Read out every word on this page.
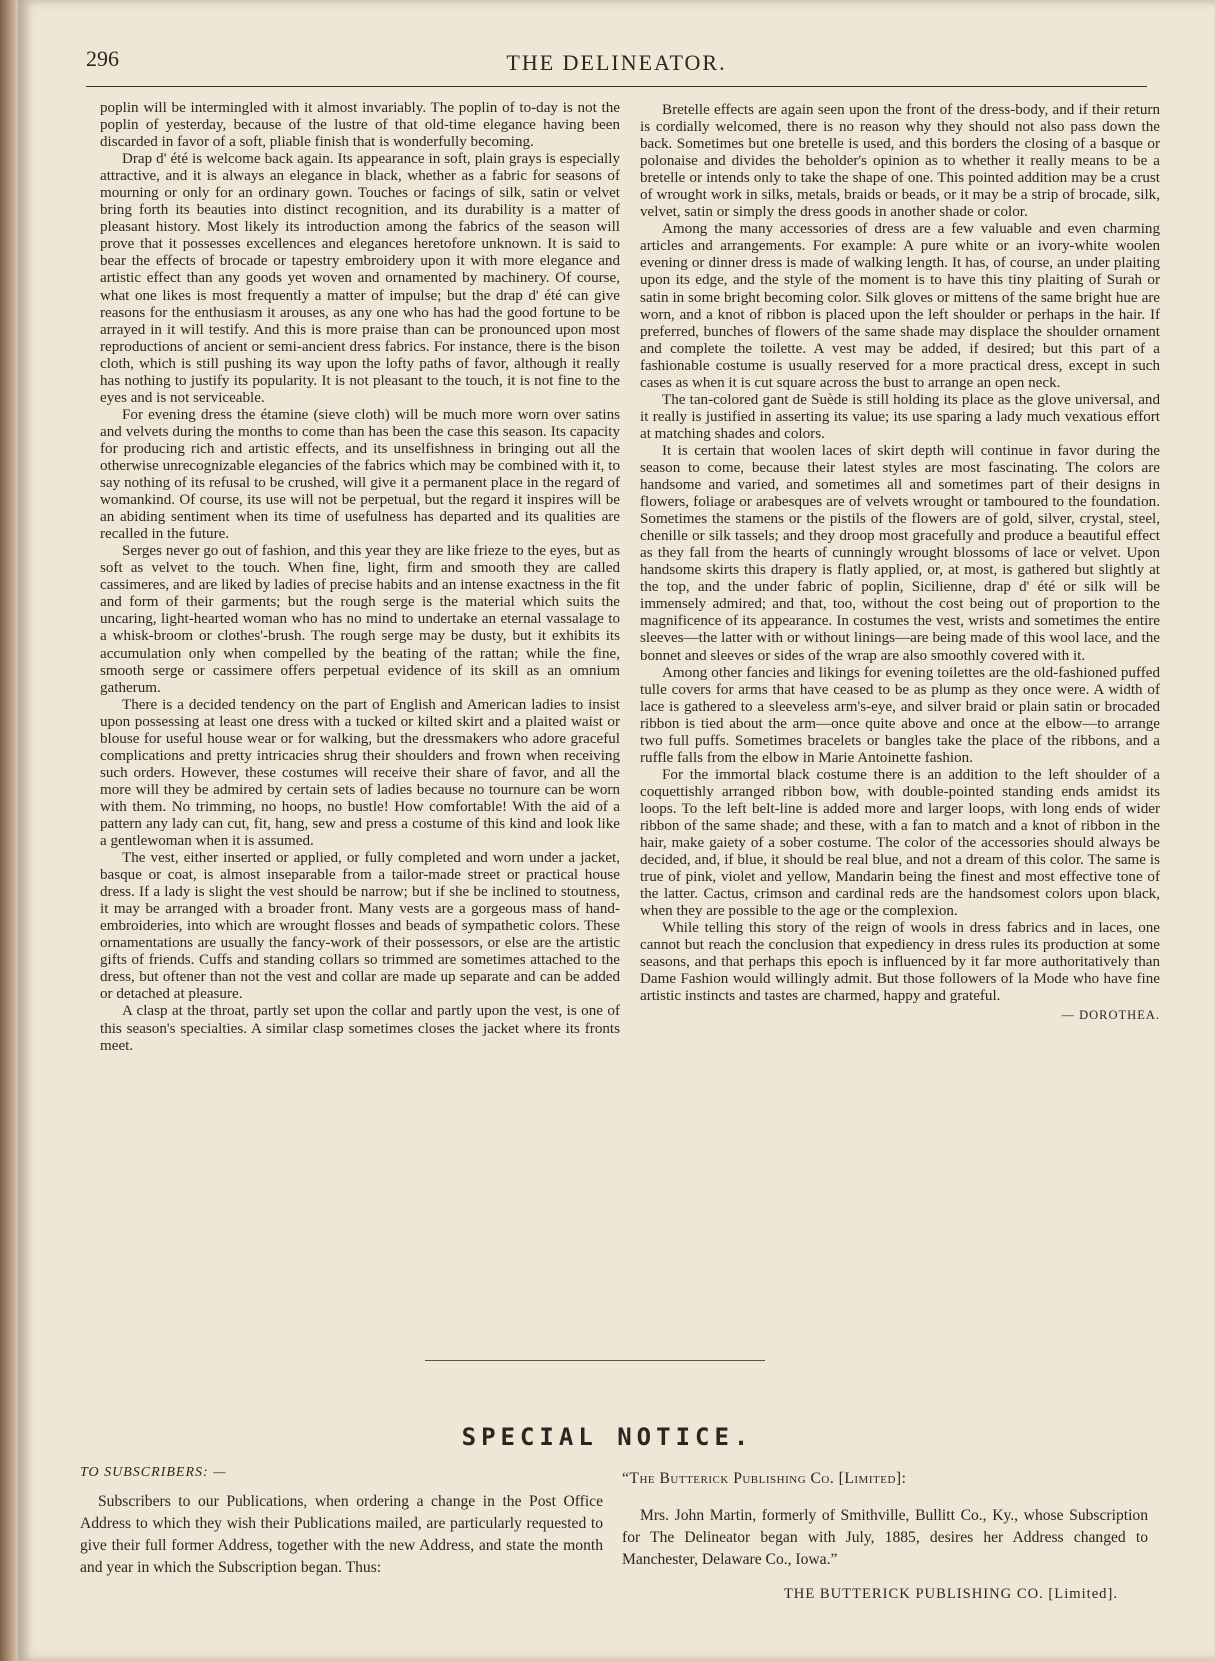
296	THE DELINEATOR.

poplin will be intermingled with it almost invariably. The poplin of to-day is not the poplin of yesterday, because of the lustre of that old-time elegance having been discarded in favor of a soft, pliable finish that is wonderfully becoming.

Drap d' été is welcome back again. Its appearance in soft, plain grays is especially attractive, and it is always an elegance in black, whether as a fabric for seasons of mourning or only for an ordinary gown. Touches or facings of silk, satin or velvet bring forth its beauties into distinct recognition, and its durability is a matter of pleasant history. Most likely its introduction among the fabrics of the season will prove that it possesses excellences and elegances heretofore unknown. It is said to bear the effects of brocade or tapestry embroidery upon it with more elegance and artistic effect than any goods yet woven and ornamented by machinery. Of course, what one likes is most frequently a matter of impulse; but the drap d' été can give reasons for the enthusiasm it arouses, as any one who has had the good fortune to be arrayed in it will testify. And this is more praise than can be pronounced upon most reproductions of ancient or semi-ancient dress fabrics. For instance, there is the bison cloth, which is still pushing its way upon the lofty paths of favor, although it really has nothing to justify its popularity. It is not pleasant to the touch, it is not fine to the eyes and is not serviceable.

For evening dress the étamine (sieve cloth) will be much more worn over satins and velvets during the months to come than has been the case this season. Its capacity for producing rich and artistic effects, and its unselfishness in bringing out all the otherwise unrecognizable elegancies of the fabrics which may be combined with it, to say nothing of its refusal to be crushed, will give it a permanent place in the regard of womankind. Of course, its use will not be perpetual, but the regard it inspires will be an abiding sentiment when its time of usefulness has departed and its qualities are recalled in the future.

Serges never go out of fashion, and this year they are like frieze to the eyes, but as soft as velvet to the touch. When fine, light, firm and smooth they are called cassimeres, and are liked by ladies of precise habits and an intense exactness in the fit and form of their garments; but the rough serge is the material which suits the uncaring, light-hearted woman who has no mind to undertake an eternal vassalage to a whisk-broom or clothes'-brush. The rough serge may be dusty, but it exhibits its accumulation only when compelled by the beating of the rattan; while the fine, smooth serge or cassimere offers perpetual evidence of its skill as an omnium gatherum.

There is a decided tendency on the part of English and American ladies to insist upon possessing at least one dress with a tucked or kilted skirt and a plaited waist or blouse for useful house wear or for walking, but the dressmakers who adore graceful complications and pretty intricacies shrug their shoulders and frown when receiving such orders. However, these costumes will receive their share of favor, and all the more will they be admired by certain sets of ladies because no tournure can be worn with them. No trimming, no hoops, no bustle! How comfortable! With the aid of a pattern any lady can cut, fit, hang, sew and press a costume of this kind and look like a gentlewoman when it is assumed.

The vest, either inserted or applied, or fully completed and worn under a jacket, basque or coat, is almost inseparable from a tailor-made street or practical house dress. If a lady is slight the vest should be narrow; but if she be inclined to stoutness, it may be arranged with a broader front. Many vests are a gorgeous mass of hand-embroideries, into which are wrought flosses and beads of sympathetic colors. These ornamentations are usually the fancy-work of their possessors, or else are the artistic gifts of friends. Cuffs and standing collars so trimmed are sometimes attached to the dress, but oftener than not the vest and collar are made up separate and can be added or detached at pleasure.

A clasp at the throat, partly set upon the collar and partly upon the vest, is one of this season's specialties. A similar clasp sometimes closes the jacket where its fronts meet.

Bretelle effects are again seen upon the front of the dress-body, and if their return is cordially welcomed, there is no reason why they should not also pass down the back. Sometimes but one bretelle is used, and this borders the closing of a basque or polonaise and divides the beholder's opinion as to whether it really means to be a bretelle or intends only to take the shape of one. This pointed addition may be a crust of wrought work in silks, metals, braids or beads, or it may be a strip of brocade, silk, velvet, satin or simply the dress goods in another shade or color.

Among the many accessories of dress are a few valuable and even charming articles and arrangements. For example: A pure white or an ivory-white woolen evening or dinner dress is made of walking length. It has, of course, an under plaiting upon its edge, and the style of the moment is to have this tiny plaiting of Surah or satin in some bright becoming color. Silk gloves or mittens of the same bright hue are worn, and a knot of ribbon is placed upon the left shoulder or perhaps in the hair. If preferred, bunches of flowers of the same shade may displace the shoulder ornament and complete the toilette. A vest may be added, if desired; but this part of a fashionable costume is usually reserved for a more practical dress, except in such cases as when it is cut square across the bust to arrange an open neck.

The tan-colored gant de Suède is still holding its place as the glove universal, and it really is justified in asserting its value; its use sparing a lady much vexatious effort at matching shades and colors.

It is certain that woolen laces of skirt depth will continue in favor during the season to come, because their latest styles are most fascinating. The colors are handsome and varied, and sometimes all and sometimes part of their designs in flowers, foliage or arabesques are of velvets wrought or tamboured to the foundation. Sometimes the stamens or the pistils of the flowers are of gold, silver, crystal, steel, chenille or silk tassels; and they droop most gracefully and produce a beautiful effect as they fall from the hearts of cunningly wrought blossoms of lace or velvet. Upon handsome skirts this drapery is flatly applied, or, at most, is gathered but slightly at the top, and the under fabric of poplin, Sicilienne, drap d' été or silk will be immensely admired; and that, too, without the cost being out of proportion to the magnificence of its appearance. In costumes the vest, wrists and sometimes the entire sleeves—the latter with or without linings—are being made of this wool lace, and the bonnet and sleeves or sides of the wrap are also smoothly covered with it.

Among other fancies and likings for evening toilettes are the old-fashioned puffed tulle covers for arms that have ceased to be as plump as they once were. A width of lace is gathered to a sleeveless arm's-eye, and silver braid or plain satin or brocaded ribbon is tied about the arm—once quite above and once at the elbow—to arrange two full puffs. Sometimes bracelets or bangles take the place of the ribbons, and a ruffle falls from the elbow in Marie Antoinette fashion.

For the immortal black costume there is an addition to the left shoulder of a coquettishly arranged ribbon bow, with double-pointed standing ends amidst its loops. To the left belt-line is added more and larger loops, with long ends of wider ribbon of the same shade; and these, with a fan to match and a knot of ribbon in the hair, make gaiety of a sober costume. The color of the accessories should always be decided, and, if blue, it should be real blue, and not a dream of this color. The same is true of pink, violet and yellow, Mandarin being the finest and most effective tone of the latter. Cactus, crimson and cardinal reds are the handsomest colors upon black, when they are possible to the age or the complexion.

While telling this story of the reign of wools in dress fabrics and in laces, one cannot but reach the conclusion that expediency in dress rules its production at some seasons, and that perhaps this epoch is influenced by it far more authoritatively than Dame Fashion would willingly admit. But those followers of la Mode who have fine artistic instincts and tastes are charmed, happy and grateful.

— DOROTHEA.
SPECIAL NOTICE.
TO SUBSCRIBERS: —
Subscribers to our Publications, when ordering a change in the Post Office Address to which they wish their Publications mailed, are particularly requested to give their full former Address, together with the new Address, and state the month and year in which the Subscription began. Thus:
“The Butterick Publishing Co. [Limited]:
Mrs. John Martin, formerly of Smithville, Bullitt Co., Ky., whose Subscription for The Delineator began with July, 1885, desires her Address changed to Manchester, Delaware Co., Iowa.”
THE BUTTERICK PUBLISHING CO. [Limited].
